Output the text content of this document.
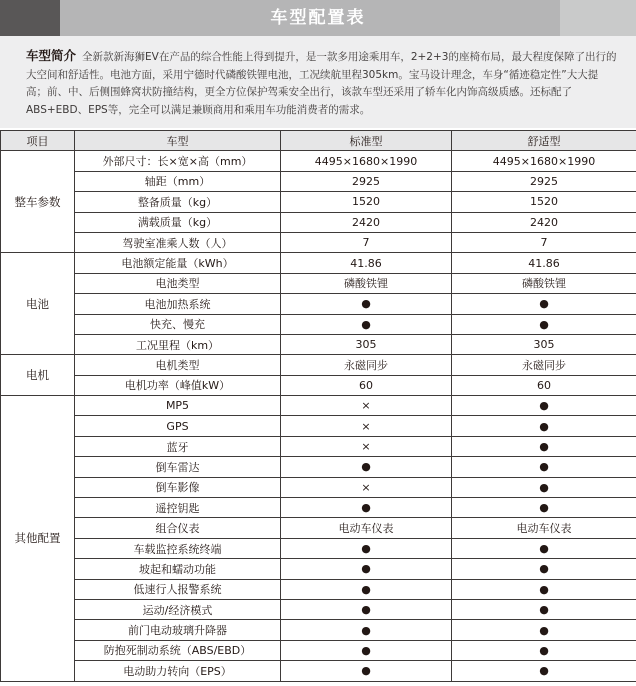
车型配置表

车型简介 全新款新海狮EV在产品的综合性能上得到提升，是一款多用途乘用车，2+2+3的座椅布局，最大程度保障了出行的大空间和舒适性。电池方面，采用宁德时代磷酸铁锂电池，工况续航里程305km。宝马设计理念，车身“循迹稳定性”大大提高；前、中、后侧围蜂窝状防撞结构，更全方位保护驾乘安全出行，该款车型还采用了轿车化内饰高级质感。还标配了ABS+EBD、EPS等，完全可以满足兼顾商用和乘用车功能消费者的需求。

项目	车型	标准型	舒适型
整车参数	外部尺寸：长×宽×高（mm）	4495×1680×1990	4495×1680×1990
	轴距（mm）	2925	2925
	整备质量（kg）	1520	1520
	满载质量（kg）	2420	2420
	驾驶室准乘人数（人）	7	7
电池	电池额定能量（kWh）	41.86	41.86
	电池类型	磷酸铁锂	磷酸铁锂
	电池加热系统	●	●
	快充、慢充	●	●
	工况里程（km）	305	305
电机	电机类型	永磁同步	永磁同步
	电机功率（峰值kW）	60	60
其他配置	MP5	×	●
	GPS	×	●
	蓝牙	×	●
	倒车雷达	●	●
	倒车影像	×	●
	遥控钥匙	●	●
	组合仪表	电动车仪表	电动车仪表
	车载监控系统终端	●	●
	坡起和蠕动功能	●	●
	低速行人报警系统	●	●
	运动/经济模式	●	●
	前门电动玻璃升降器	●	●
	防抱死制动系统（ABS/EBD）	●	●
	电动助力转向（EPS）	●	●
